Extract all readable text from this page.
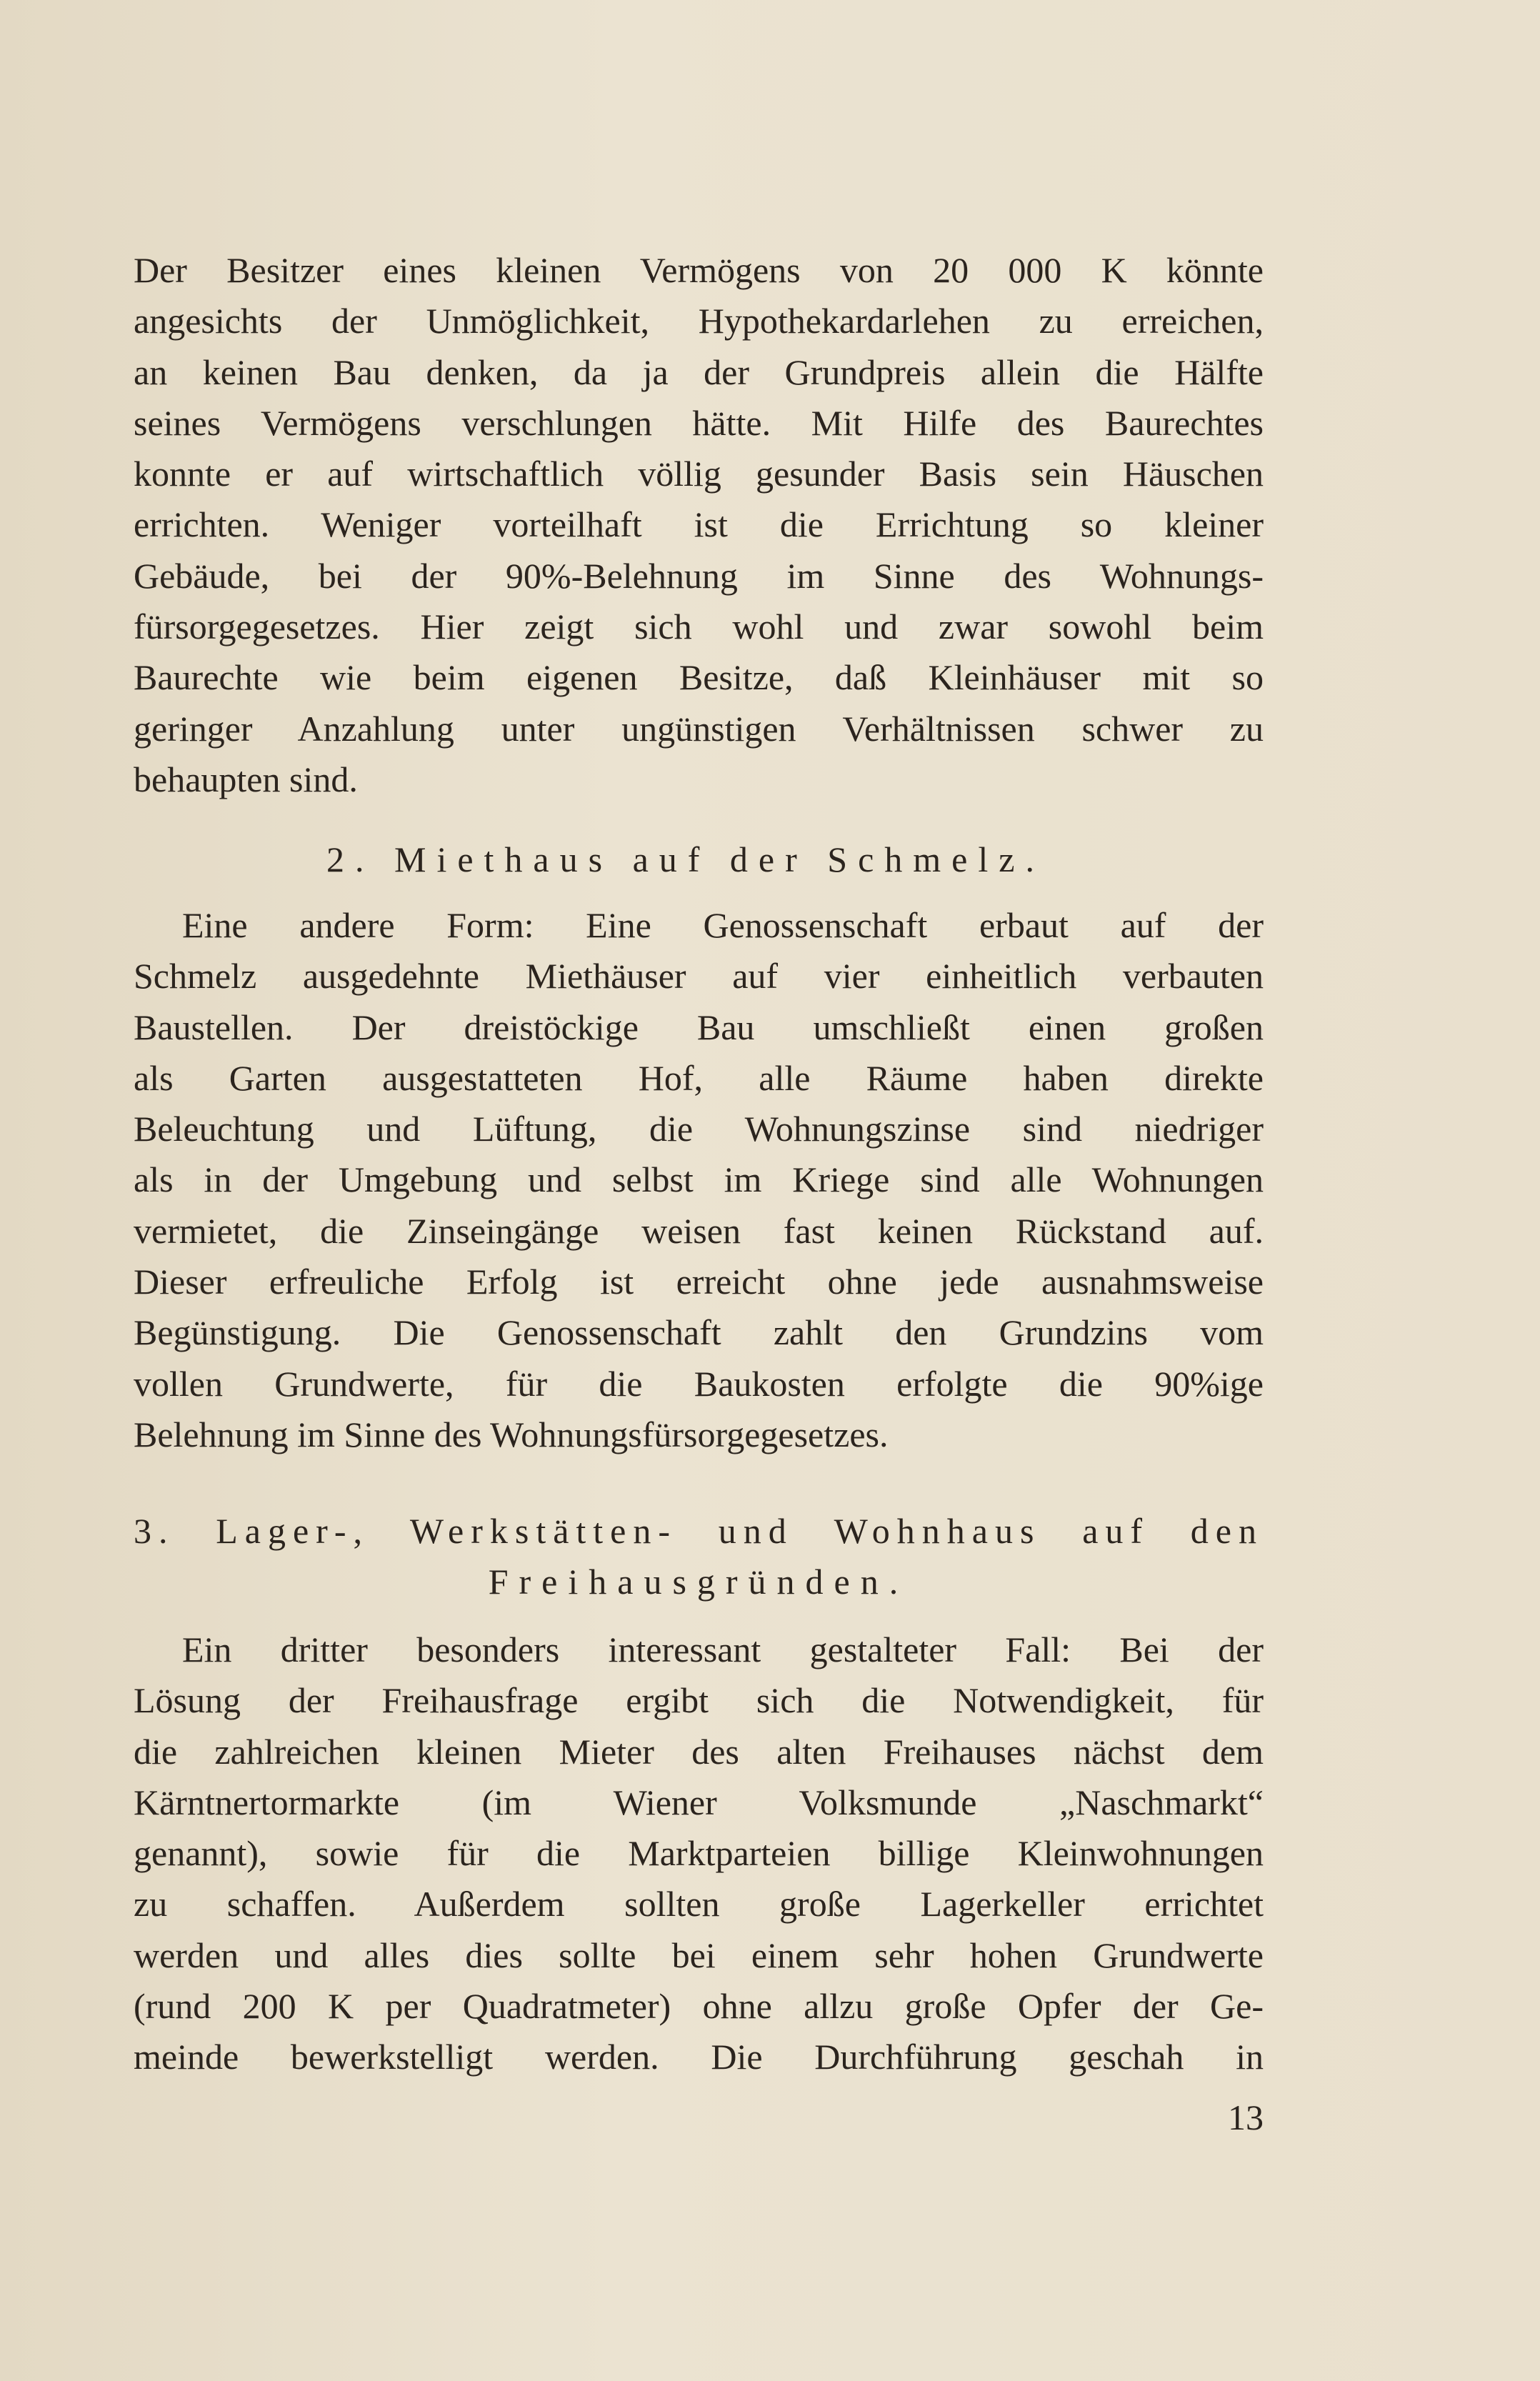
Der Besitzer eines kleinen Vermögens von 20 000 K könnte
angesichts der Unmöglichkeit, Hypothekardarlehen zu erreichen,
an keinen Bau denken, da ja der Grundpreis allein die Hälfte
seines Vermögens verschlungen hätte. Mit Hilfe des Baurechtes
konnte er auf wirtschaftlich völlig gesunder Basis sein Häuschen
errichten. Weniger vorteilhaft ist die Errichtung so kleiner
Gebäude, bei der 90%-Belehnung im Sinne des Wohnungs-
fürsorgegesetzes. Hier zeigt sich wohl und zwar sowohl beim
Baurechte wie beim eigenen Besitze, daß Kleinhäuser mit so
geringer Anzahlung unter ungünstigen Verhältnissen schwer zu
behaupten sind.
2. Miethaus auf der Schmelz.
Eine andere Form: Eine Genossenschaft erbaut auf der
Schmelz ausgedehnte Miethäuser auf vier einheitlich verbauten
Baustellen. Der dreistöckige Bau umschließt einen großen
als Garten ausgestatteten Hof, alle Räume haben direkte
Beleuchtung und Lüftung, die Wohnungszinse sind niedriger
als in der Umgebung und selbst im Kriege sind alle Wohnungen
vermietet, die Zinseingänge weisen fast keinen Rückstand auf.
Dieser erfreuliche Erfolg ist erreicht ohne jede ausnahmsweise
Begünstigung. Die Genossenschaft zahlt den Grundzins vom
vollen Grundwerte, für die Baukosten erfolgte die 90%ige
Belehnung im Sinne des Wohnungsfürsorgegesetzes.
3. Lager-, Werkstätten- und Wohnhaus auf den
Freihausgründen.
Ein dritter besonders interessant gestalteter Fall: Bei der
Lösung der Freihausfrage ergibt sich die Notwendigkeit, für
die zahlreichen kleinen Mieter des alten Freihauses nächst dem
Kärntnertormarkte (im Wiener Volksmunde „Naschmarkt“
genannt), sowie für die Marktparteien billige Kleinwohnungen
zu schaffen. Außerdem sollten große Lagerkeller errichtet
werden und alles dies sollte bei einem sehr hohen Grundwerte
(rund 200 K per Quadratmeter) ohne allzu große Opfer der Ge-
meinde bewerkstelligt werden. Die Durchführung geschah in
13
